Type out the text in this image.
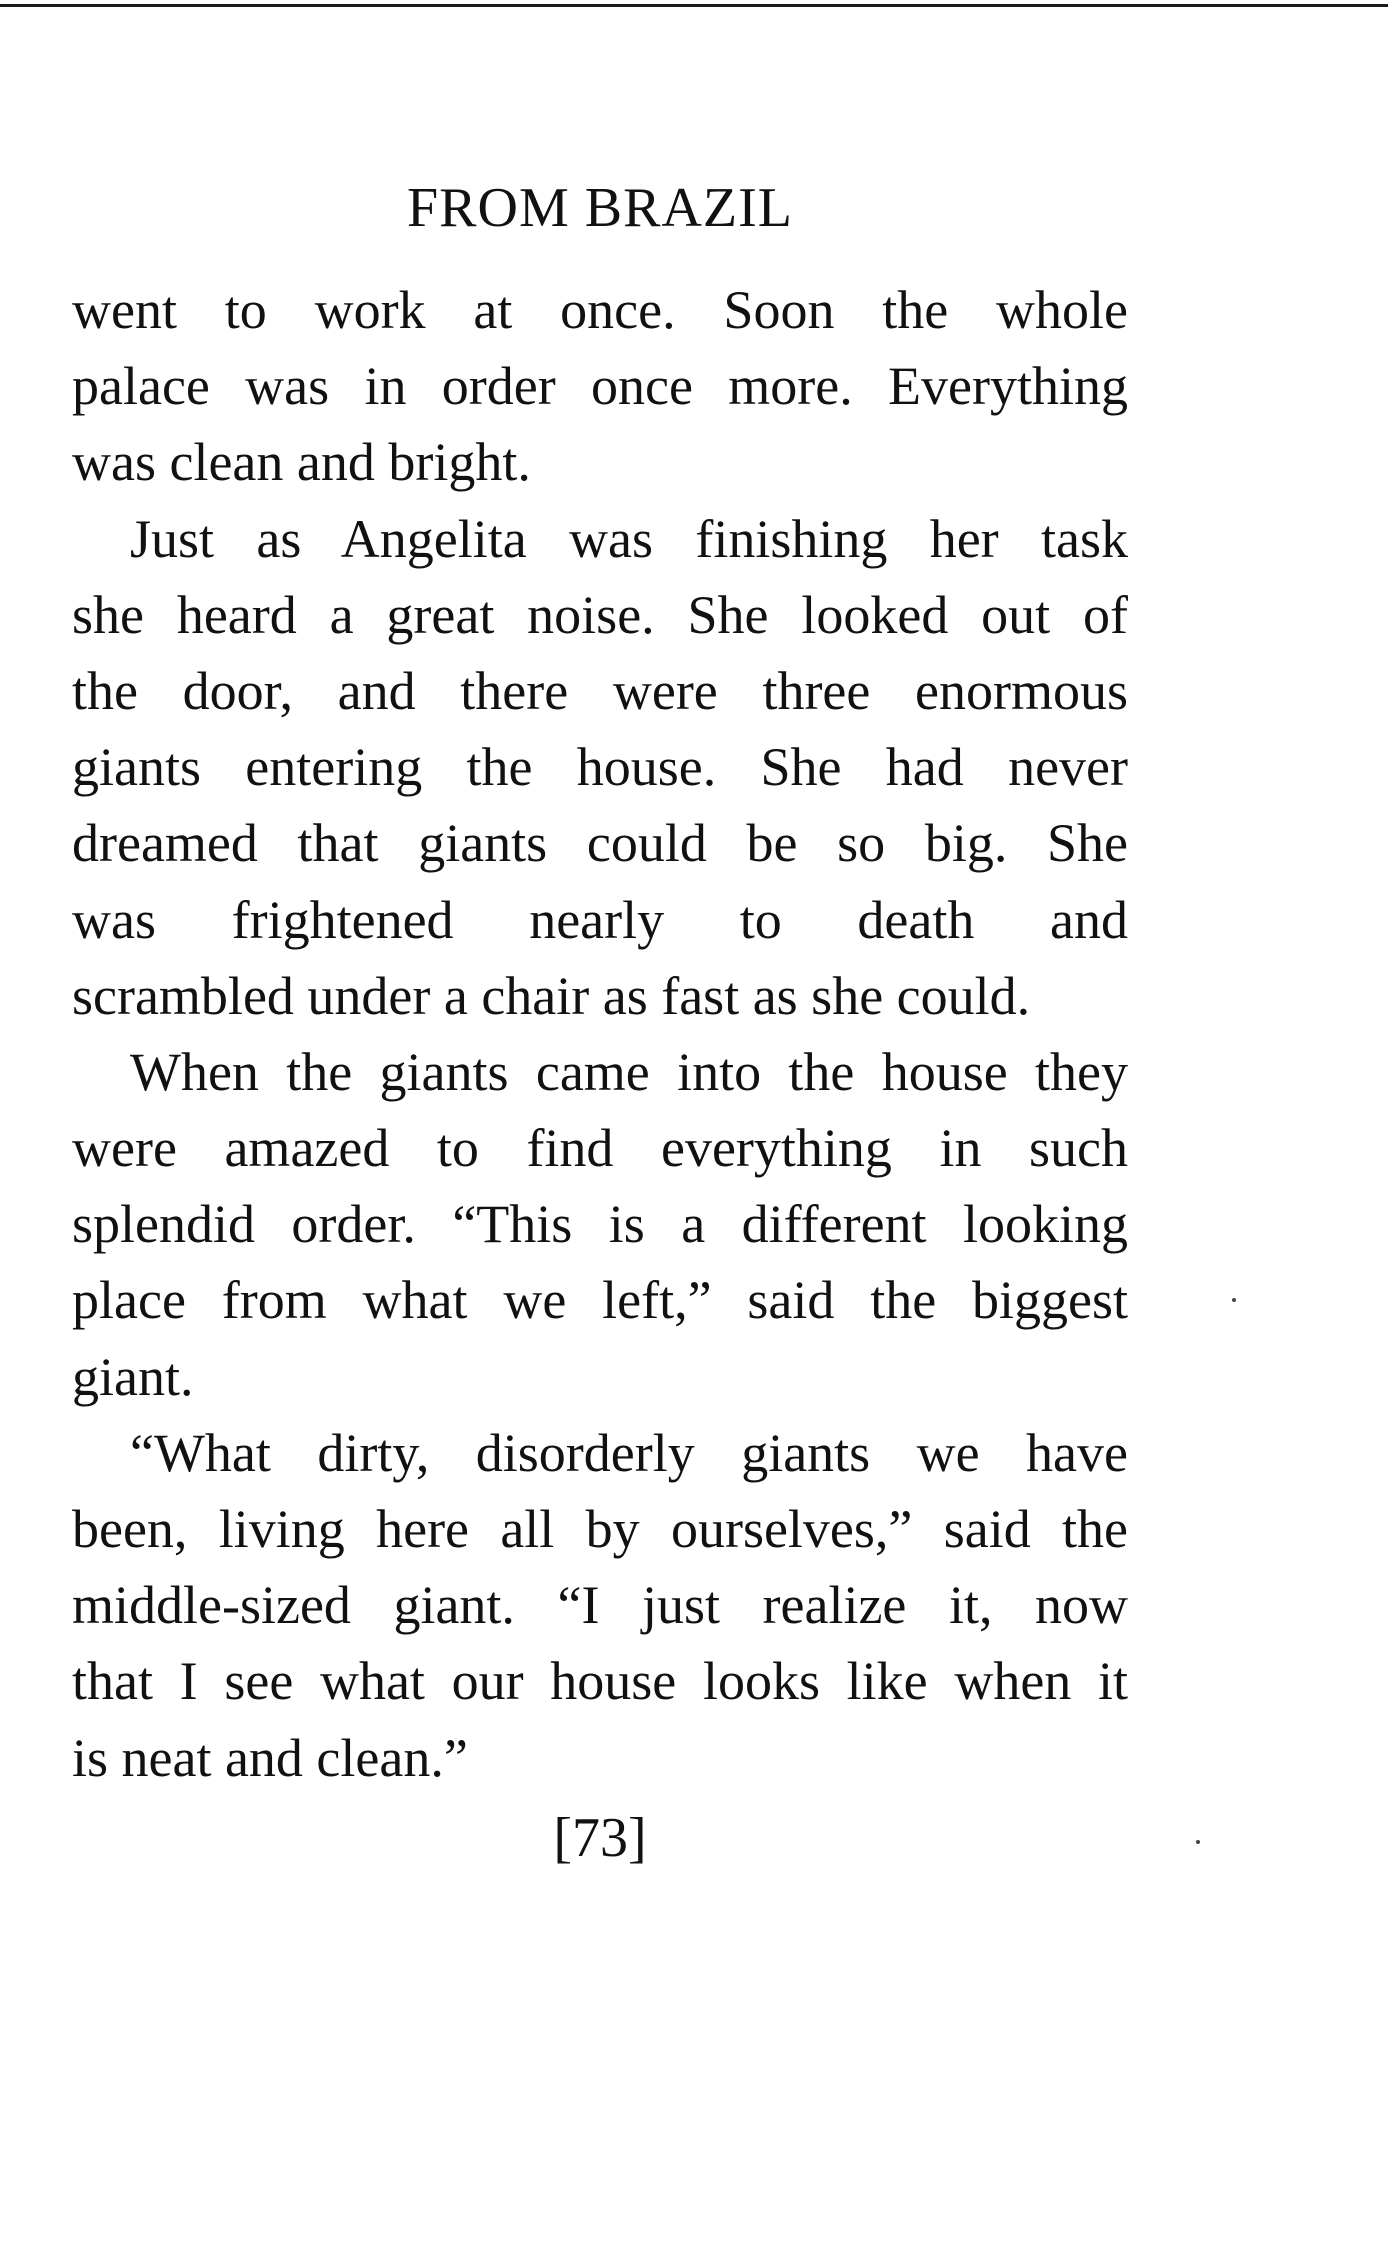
FROM BRAZIL
went to work at once. Soon the whole
palace was in order once more. Everything
was clean and bright.
Just as Angelita was finishing her task
she heard a great noise. She looked out of
the door, and there were three enormous
giants entering the house. She had never
dreamed that giants could be so big. She
was frightened nearly to death and
scrambled under a chair as fast as she could.
When the giants came into the house they
were amazed to find everything in such
splendid order. “This is a different looking
place from what we left,” said the biggest
giant.
“What dirty, disorderly giants we have
been, living here all by ourselves,” said the
middle-sized giant. “I just realize it, now
that I see what our house looks like when it
is neat and clean.”
[73]
